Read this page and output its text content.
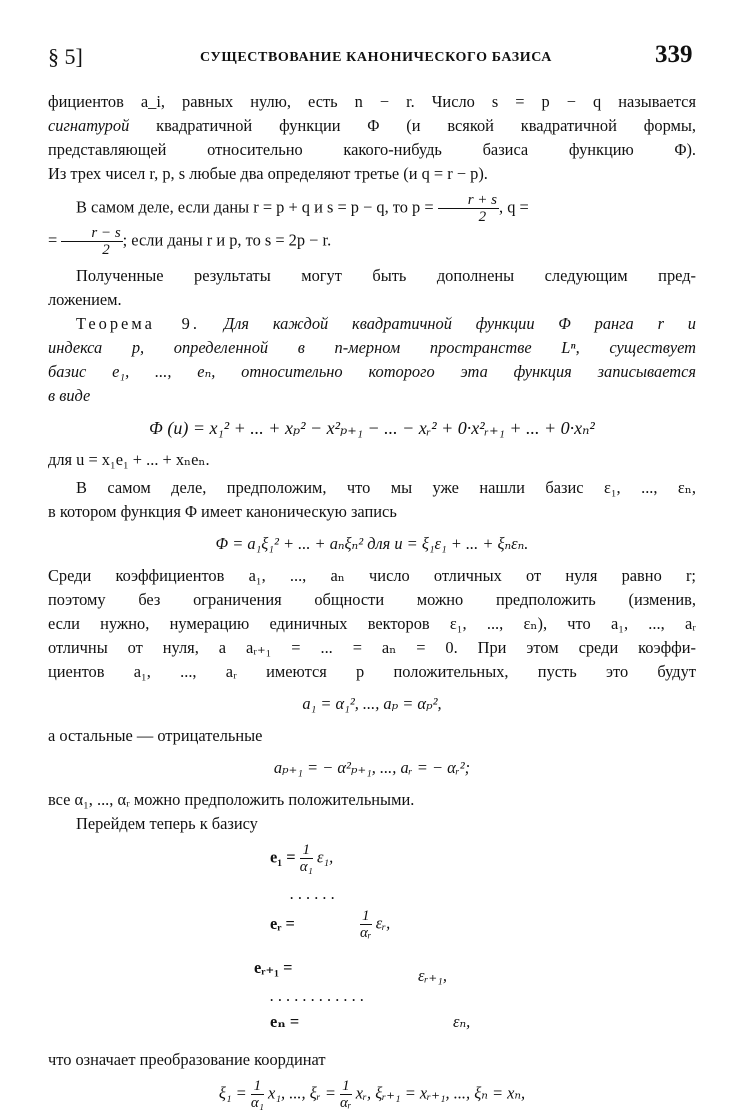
§ 5]	СУЩЕСТВОВАНИЕ КАНОНИЧЕСКОГО БАЗИСА	339

фициентов a_i, равных нулю, есть n − r. Число s = p − q называется
сигнатурой квадратичной функции Φ (и всякой квадратичной формы,
представляющей относительно какого-нибудь базиса функцию Φ).
Из трех чисел r, p, s любые два определяют третье (и q = r − p).

В самом деле, если даны r = p + q и s = p − q, то $p = \frac{r + s}{2}$ , q =
= $\frac{r - s}{2}$ ; если даны r и p, то s = 2p − r.

Полученные результаты могут быть дополнены следующим пред-
ложением.

Теорема 9. Для каждой квадратичной функции Φ ранга r и
индекса p, определенной в n-мерном пространстве Lⁿ, существует
базис e₁, ..., eₙ, относительно которого эта функция записывается
в виде

Φ (u) = x₁² + ... + xₚ² − x²ₚ₊₁ − ... − xᵣ² + 0·x²ᵣ₊₁ + ... + 0·xₙ²

для u = x₁e₁ + ... + xₙeₙ.

В самом деле, предположим, что мы уже нашли базис ε₁, ..., εₙ,
в котором функция Φ имеет каноническую запись

Φ = a₁ξ₁² + ... + aₙξₙ² для u = ξ₁ε₁ + ... + ξₙεₙ.

Среди коэффициентов a₁, ..., aₙ число отличных от нуля равно r;
поэтому без ограничения общности можно предположить (изменив,
если нужно, нумерацию единичных векторов ε₁, ..., εₙ), что a₁, ..., aᵣ
отличны от нуля, а aᵣ₊₁ = ... = aₙ = 0. При этом среди коэффи-
циентов a₁, ..., aᵣ имеются p положительных, пусть это будут

a₁ = α₁², ..., aₚ = αₚ²,

а остальные — отрицательные

aₚ₊₁ = − α²ₚ₊₁, ..., aᵣ = − αᵣ²;

все α₁, ..., αᵣ можно предположить положительными.

Перейдем теперь к базису

$e_1 = \frac{1}{\text{α₁}} \varepsilon_1$,
. . . . . .
eᵣ =	$\frac{1}{\text{αᵣ}}$ εᵣ,
eᵣ₊₁ =	εᵣ₊₁,
. . . . . . . . . . . .
eₙ =	εₙ,

что означает преобразование координат

$\xi_1 = \frac{1}{\text{α₁}} x_1$, ..., ξᵣ = $\frac{1}{\text{αᵣ}}$ xᵣ, ξᵣ₊₁ = xᵣ₊₁, ..., ξₙ = xₙ,
